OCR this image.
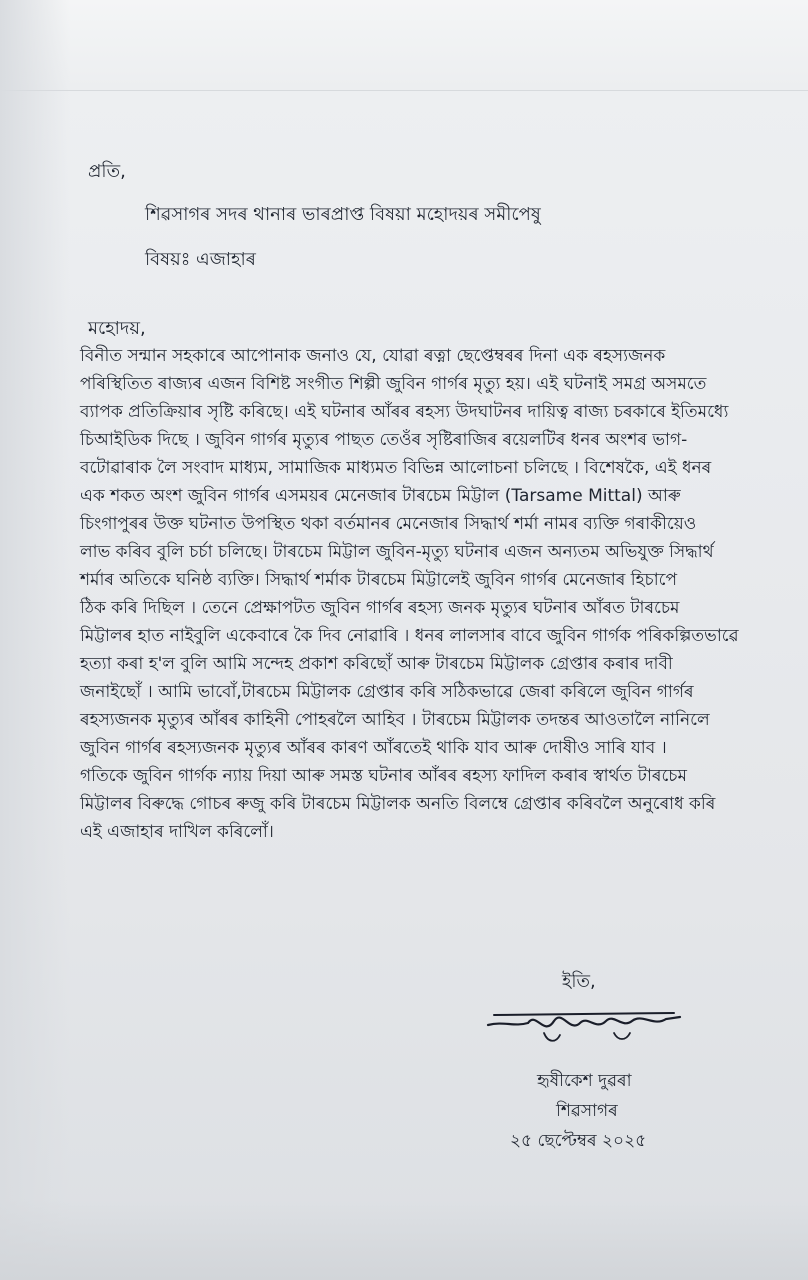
প্ৰতি,
শিৱসাগৰ সদৰ থানাৰ ভাৰপ্ৰাপ্ত বিষয়া মহোদয়ৰ সমীপেষু
বিষয়ঃ এজাহাৰ
মহোদয়,
বিনীত সন্মান সহকাৰে আপোনাক জনাও যে, যোৱা ৰত্না ছেপ্তেম্বৰৰ দিনা এক ৰহস্যজনক
পৰিস্থিতিত ৰাজ্যৰ এজন বিশিষ্ট সংগীত শিল্পী জুবিন গাৰ্গৰ মৃত্যু হয়। এই ঘটনাই সমগ্ৰ অসমতে
ব্যাপক প্ৰতিক্ৰিয়াৰ সৃষ্টি কৰিছে। এই ঘটনাৰ আঁৰৰ ৰহস্য উদঘাটনৰ দায়িত্ব ৰাজ্য চৰকাৰে ইতিমধ্যে
চিআইডিক দিছে । জুবিন গাৰ্গৰ মৃত্যুৰ পাছত তেওঁৰ সৃষ্টিৰাজিৰ ৰয়েলটিৰ ধনৰ অংশৰ ভাগ-
বটোৱাৰাক লৈ সংবাদ মাধ্যম, সামাজিক মাধ্যমত বিভিন্ন আলোচনা চলিছে । বিশেষকৈ, এই ধনৰ
এক শকত অংশ জুবিন গাৰ্গৰ এসময়ৰ মেনেজাৰ টাৰচেম মিট্টাল (Tarsame Mittal) আৰু
চিংগাপুৰৰ উক্ত ঘটনাত উপস্থিত থকা বৰ্তমানৰ মেনেজাৰ সিদ্ধাৰ্থ শৰ্মা নামৰ ব্যক্তি গৰাকীয়েও
লাভ কৰিব বুলি চৰ্চা চলিছে। টাৰচেম মিট্টাল জুবিন-মৃত্যু ঘটনাৰ এজন অন্যতম অভিযুক্ত সিদ্ধাৰ্থ
শৰ্মাৰ অতিকে ঘনিষ্ঠ ব্যক্তি। সিদ্ধাৰ্থ শৰ্মাক টাৰচেম মিট্টালেই জুবিন গাৰ্গৰ মেনেজাৰ হিচাপে
ঠিক কৰি দিছিল । তেনে প্ৰেক্ষাপটত জুবিন গাৰ্গৰ ৰহস্য জনক মৃত্যুৰ ঘটনাৰ আঁৰত টাৰচেম
মিট্টালৰ হাত নাইবুলি একেবাৰে কৈ দিব নোৱাৰি । ধনৰ লালসাৰ বাবে জুবিন গাৰ্গক পৰিকল্পিতভাৱে
হত্যা কৰা হ'ল বুলি আমি সন্দেহ প্ৰকাশ কৰিছোঁ আৰু টাৰচেম মিট্টালক গ্ৰেপ্তাৰ কৰাৰ দাবী
জনাইছোঁ । আমি ভাবোঁ,টাৰচেম মিট্টালক গ্ৰেপ্তাৰ কৰি সঠিকভাৱে জেৰা কৰিলে জুবিন গাৰ্গৰ
ৰহস্যজনক মৃত্যুৰ আঁৰৰ কাহিনী পোহৰলৈ আহিব । টাৰচেম মিট্টালক তদন্তৰ আওতালৈ নানিলে
জুবিন গাৰ্গৰ ৰহস্যজনক মৃত্যুৰ আঁৰৰ কাৰণ আঁৰতেই থাকি যাব আৰু দোষীও সাৰি যাব ।
গতিকে জুবিন গাৰ্গক ন্যায় দিয়া আৰু সমস্ত ঘটনাৰ আঁৰৰ ৰহস্য ফাদিল কৰাৰ স্বাৰ্থত টাৰচেম
মিট্টালৰ বিৰুদ্ধে গোচৰ ৰুজু কৰি টাৰচেম মিট্টালক অনতি বিলম্বে গ্ৰেপ্তাৰ কৰিবলৈ অনুৰোধ কৰি
এই এজাহাৰ দাখিল কৰিলোঁ।
ইতি,
হৃষীকেশ দুৱৰা
শিৱসাগৰ
২৫ ছেপ্টেম্বৰ ২০২৫
